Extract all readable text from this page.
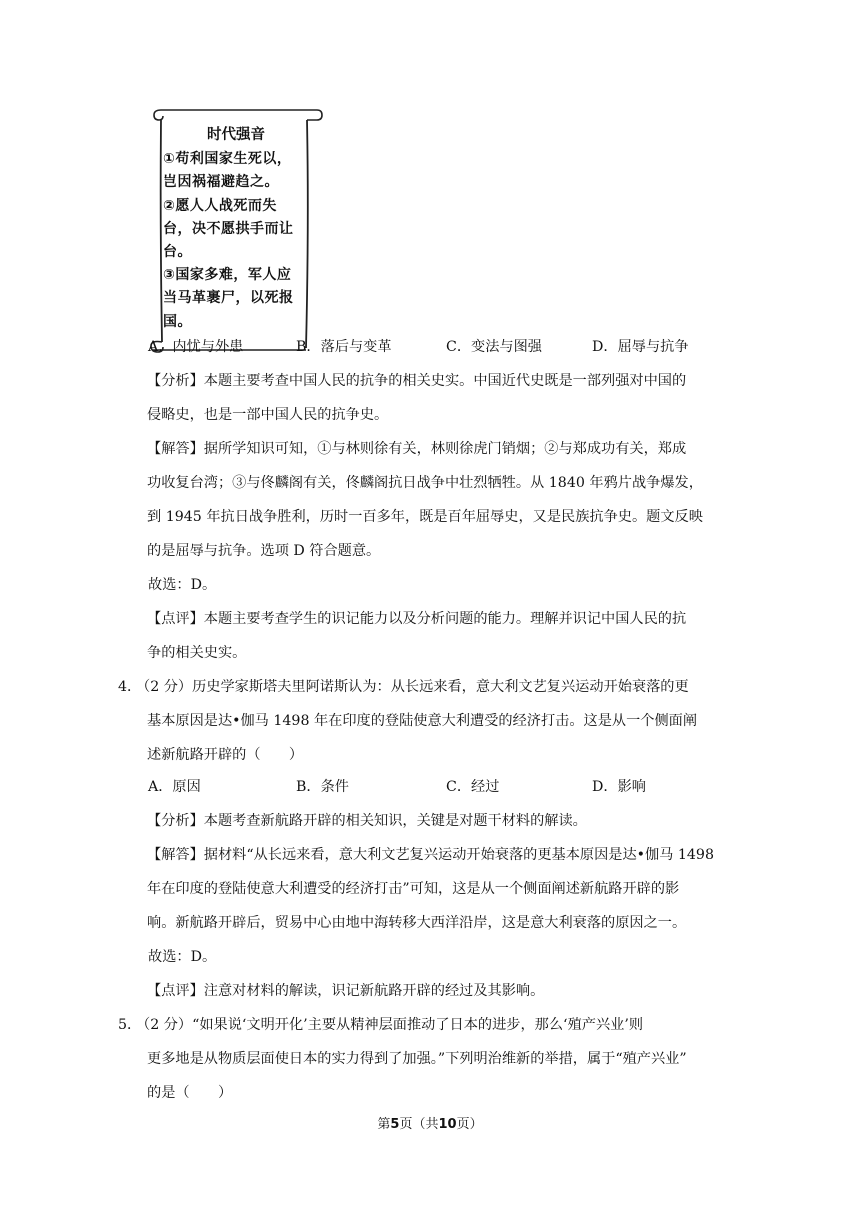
时代强音
①苟利国家生死以，
岂因祸福避趋之。
②愿人人战死而失
台，决不愿拱手而让
台。
③国家多难，军人应
当马革裹尸，以死报
国。
A．内忧与外患	B．落后与变革	C．变法与图强	D．屈辱与抗争
【分析】本题主要考查中国人民的抗争的相关史实。中国近代史既是一部列强对中国的
侵略史，也是一部中国人民的抗争史。
【解答】据所学知识可知，①与林则徐有关，林则徐虎门销烟；②与郑成功有关，郑成
功收复台湾；③与佟麟阁有关，佟麟阁抗日战争中壮烈牺牲。从 1840 年鸦片战争爆发，
到 1945 年抗日战争胜利，历时一百多年，既是百年屈辱史，又是民族抗争史。题文反映
的是屈辱与抗争。选项 D 符合题意。
故选：D。
【点评】本题主要考查学生的识记能力以及分析问题的能力。理解并识记中国人民的抗
争的相关史实。
4．
（2 分）历史学家斯塔夫里阿诺斯认为：从长远来看，意大利文艺复兴运动开始衰落的更
基本原因是达•伽马 1498 年在印度的登陆使意大利遭受的经济打击。这是从一个侧面阐
述新航路开辟的（　　）
A．原因	B．条件	C．经过	D．影响
【分析】本题考查新航路开辟的相关知识，关键是对题干材料的解读。
【解答】据材料“从长远来看，意大利文艺复兴运动开始衰落的更基本原因是达•伽马 1498
年在印度的登陆使意大利遭受的经济打击”可知，这是从一个侧面阐述新航路开辟的影
响。新航路开辟后，贸易中心由地中海转移大西洋沿岸，这是意大利衰落的原因之一。
故选：D。
【点评】注意对材料的解读，识记新航路开辟的经过及其影响。
5．
（2 分）“如果说‘文明开化’主要从精神层面推动了日本的进步，那么‘殖产兴业’则
更多地是从物质层面使日本的实力得到了加强。”下列明治维新的举措，属于“殖产兴业”
的是（　　）
第5页（共10页）
